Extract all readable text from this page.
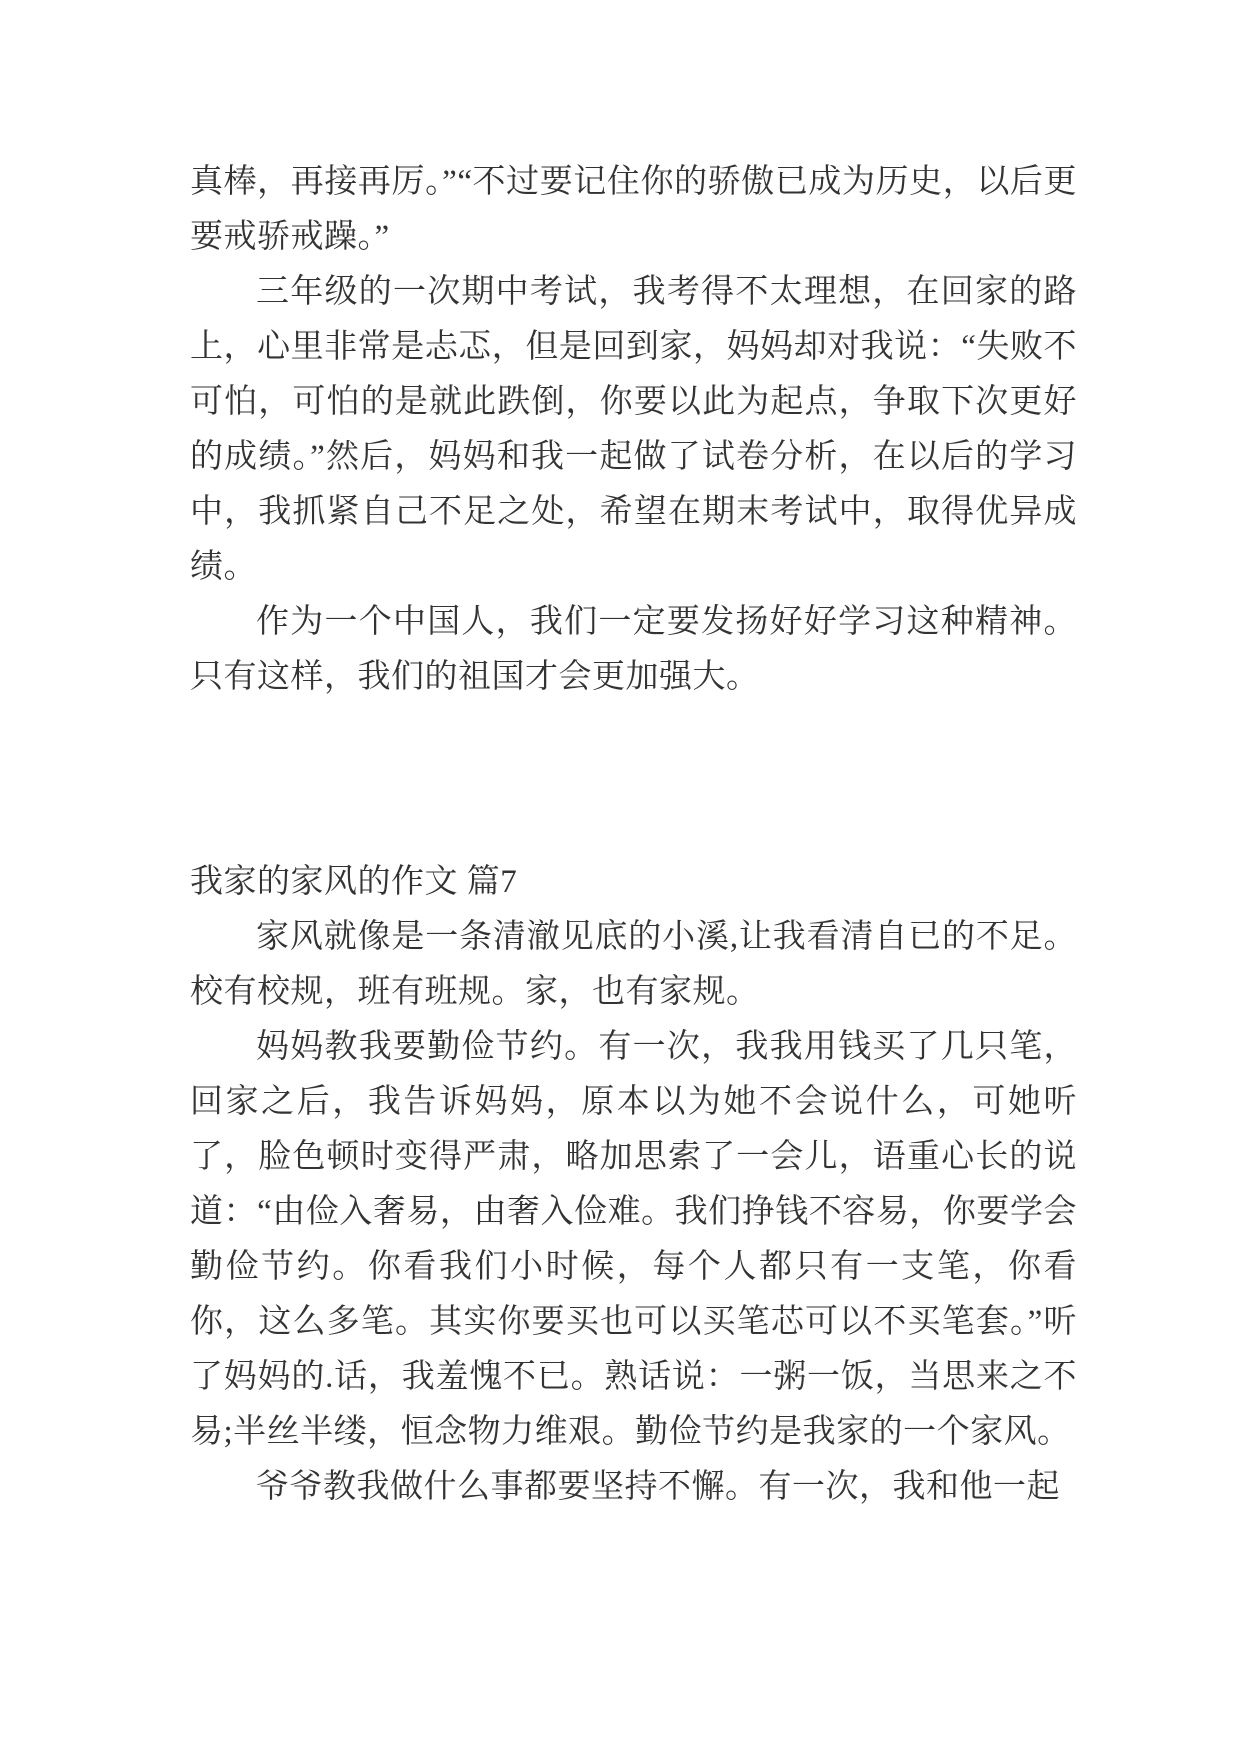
真棒，再接再厉。”“不过要记住你的骄傲已成为历史，以后更要戒骄戒躁。”

三年级的一次期中考试，我考得不太理想，在回家的路上，心里非常是忐忑，但是回到家，妈妈却对我说：“失败不可怕，可怕的是就此跌倒，你要以此为起点，争取下次更好的成绩。”然后，妈妈和我一起做了试卷分析，在以后的学习中，我抓紧自己不足之处，希望在期末考试中，取得优异成绩。

作为一个中国人，我们一定要发扬好好学习这种精神。只有这样，我们的祖国才会更加强大。

我家的家风的作文 篇7

家风就像是一条清澈见底的小溪,让我看清自已的不足。校有校规，班有班规。家，也有家规。

妈妈教我要勤俭节约。有一次，我我用钱买了几只笔，回家之后，我告诉妈妈，原本以为她不会说什么，可她听了，脸色顿时变得严肃，略加思索了一会儿，语重心长的说道：“由俭入奢易，由奢入俭难。我们挣钱不容易，你要学会勤俭节约。你看我们小时候，每个人都只有一支笔，你看你，这么多笔。其实你要买也可以买笔芯可以不买笔套。”听了妈妈的.话，我羞愧不已。熟话说：一粥一饭，当思来之不易;半丝半缕，恒念物力维艰。勤俭节约是我家的一个家风。

爷爷教我做什么事都要坚持不懈。有一次，我和他一起
